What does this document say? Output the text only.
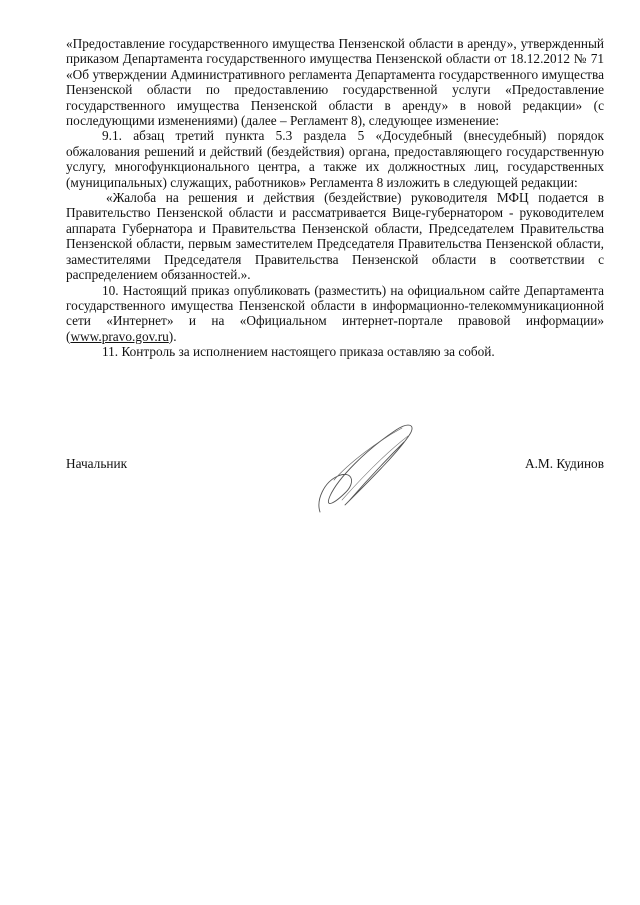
«Предоставление государственного имущества Пензенской области в аренду», утвержденный приказом Департамента государственного имущества Пензенской области от 18.12.2012 № 71 «Об утверждении Административного регламента Департамента государственного имущества Пензенской области по предоставлению государственной услуги «Предоставление государственного имущества Пензенской области в аренду» в новой редакции» (с последующими изменениями) (далее – Регламент 8), следующее изменение:

9.1. абзац третий пункта 5.3 раздела 5 «Досудебный (внесудебный) порядок обжалования решений и действий (бездействия) органа, предоставляющего государственную услугу, многофункционального центра, а также их должностных лиц, государственных (муниципальных) служащих, работников» Регламента 8 изложить в следующей редакции:

«Жалоба на решения и действия (бездействие) руководителя МФЦ подается в Правительство Пензенской области и рассматривается Вице-губернатором - руководителем аппарата Губернатора и Правительства Пензенской области, Председателем Правительства Пензенской области, первым заместителем Председателя Правительства Пензенской области, заместителями Председателя Правительства Пензенской области в соответствии с распределением обязанностей.».

10. Настоящий приказ опубликовать (разместить) на официальном сайте Департамента государственного имущества Пензенской области в информационно-телекоммуникационной сети «Интернет» и на «Официальном интернет-портале правовой информации» (www.pravo.gov.ru).

11. Контроль за исполнением настоящего приказа оставляю за собой.

Начальник	А.М. Кудинов
